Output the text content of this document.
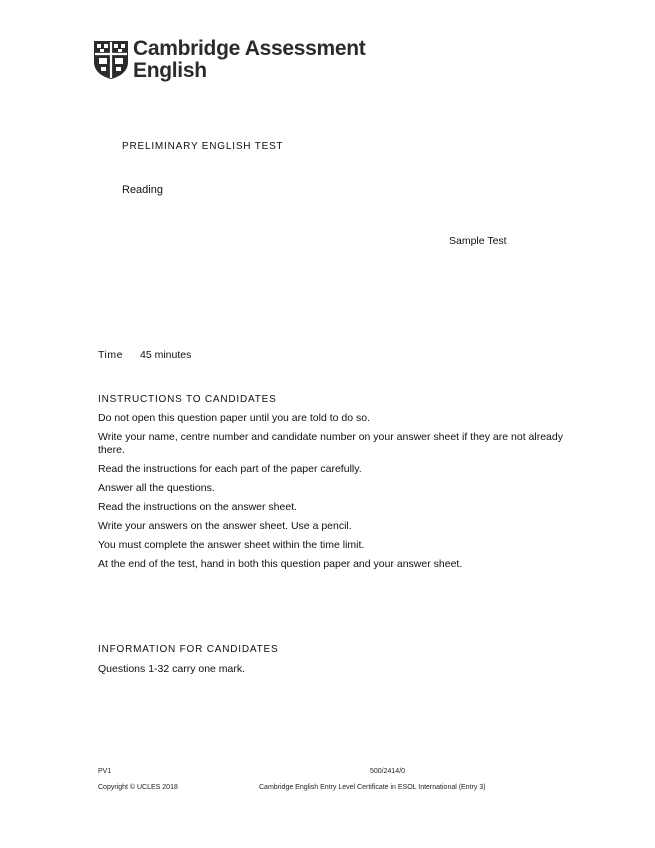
Cambridge Assessment
English
PRELIMINARY ENGLISH TEST
Reading
Sample Test
Time 45 minutes
INSTRUCTIONS TO CANDIDATES
Do not open this question paper until you are told to do so.
Write your name, centre number and candidate number on your answer sheet if they are not already there.
Read the instructions for each part of the paper carefully.
Answer all the questions.
Read the instructions on the answer sheet.
Write your answers on the answer sheet. Use a pencil.
You must complete the answer sheet within the time limit.
At the end of the test, hand in both this question paper and your answer sheet.
INFORMATION FOR CANDIDATES
Questions 1-32 carry one mark.
PV1	500/2414/0
Copyright © UCLES 2018	Cambridge English Entry Level Certificate in ESOL International (Entry 3)
